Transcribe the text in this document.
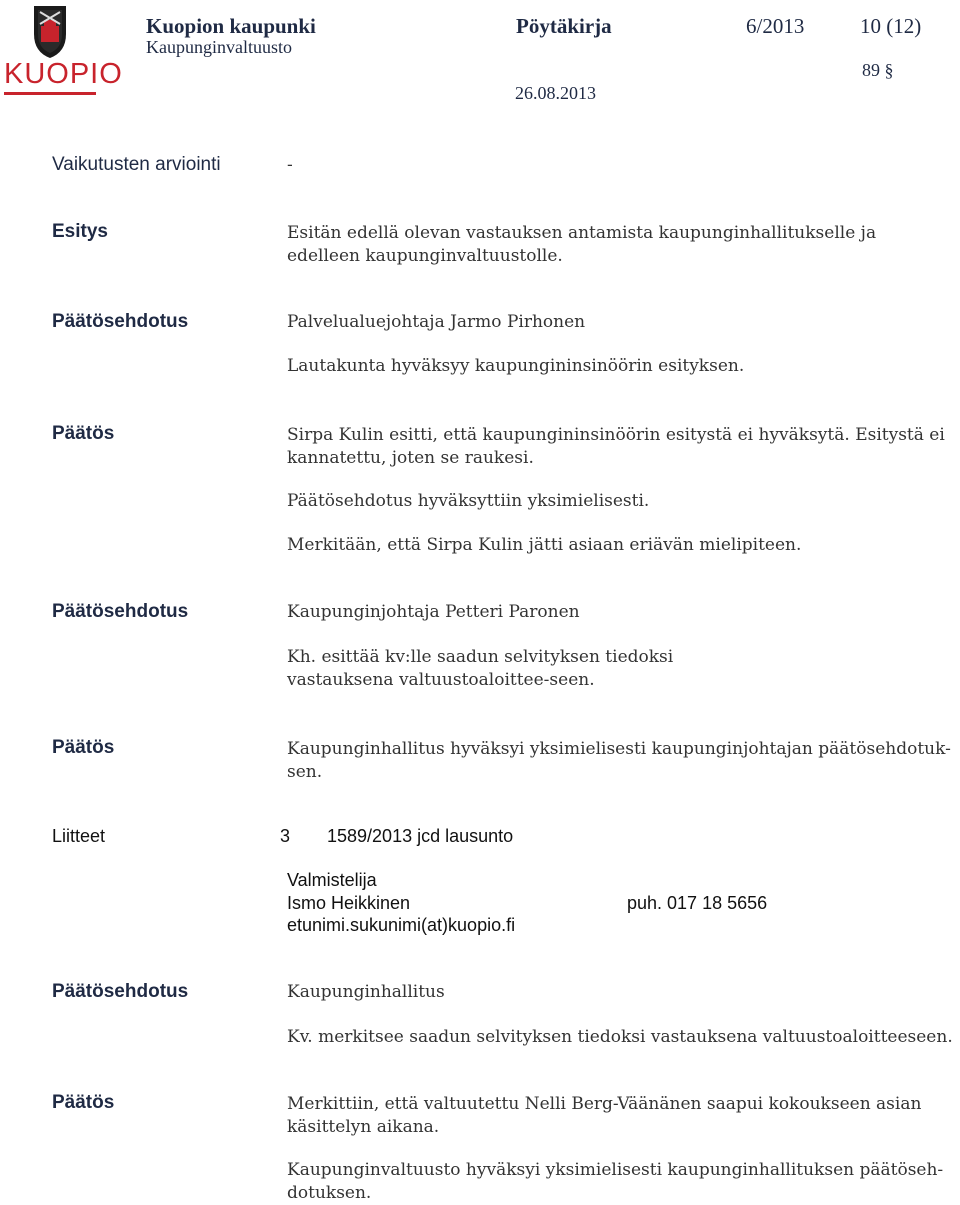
KUOPIO
Kuopion kaupunki
Kaupunginvaltuusto
Pöytäkirja	6/2013	10 (12)
89 §
26.08.2013
Vaikutusten arviointi	-
Esitys	Esitän edellä olevan vastauksen antamista kaupunginhallitukselle ja edelleen kaupunginvaltuustolle.
Päätösehdotus	Palvelualuejohtaja Jarmo Pirhonen
Lautakunta hyväksyy kaupungininsinöörin esityksen.
Päätös	Sirpa Kulin esitti, että kaupungininsinöörin esitystä ei hyväksytä. Esitystä ei kannatettu, joten se raukesi.
Päätösehdotus hyväksyttiin yksimielisesti.
Merkitään, että Sirpa Kulin jätti asiaan eriävän mielipiteen.
Päätösehdotus	Kaupunginjohtaja Petteri Paronen
Kh. esittää kv:lle saadun selvityksen tiedoksi vastauksena valtuustoaloittee-seen.
Päätös	Kaupunginhallitus hyväksyi yksimielisesti kaupunginjohtajan päätösehdotuk-sen.
Liitteet	3 1589/2013 jcd lausunto
Valmistelija
Ismo Heikkinen	puh. 017 18 5656
etunimi.sukunimi(at)kuopio.fi
Päätösehdotus	Kaupunginhallitus
Kv. merkitsee saadun selvityksen tiedoksi vastauksena valtuustoaloitteeseen.
Päätös	Merkittiin, että valtuutettu Nelli Berg-Väänänen saapui kokoukseen asian käsittelyn aikana.
Kaupunginvaltuusto hyväksyi yksimielisesti kaupunginhallituksen päätöseh-dotuksen.
